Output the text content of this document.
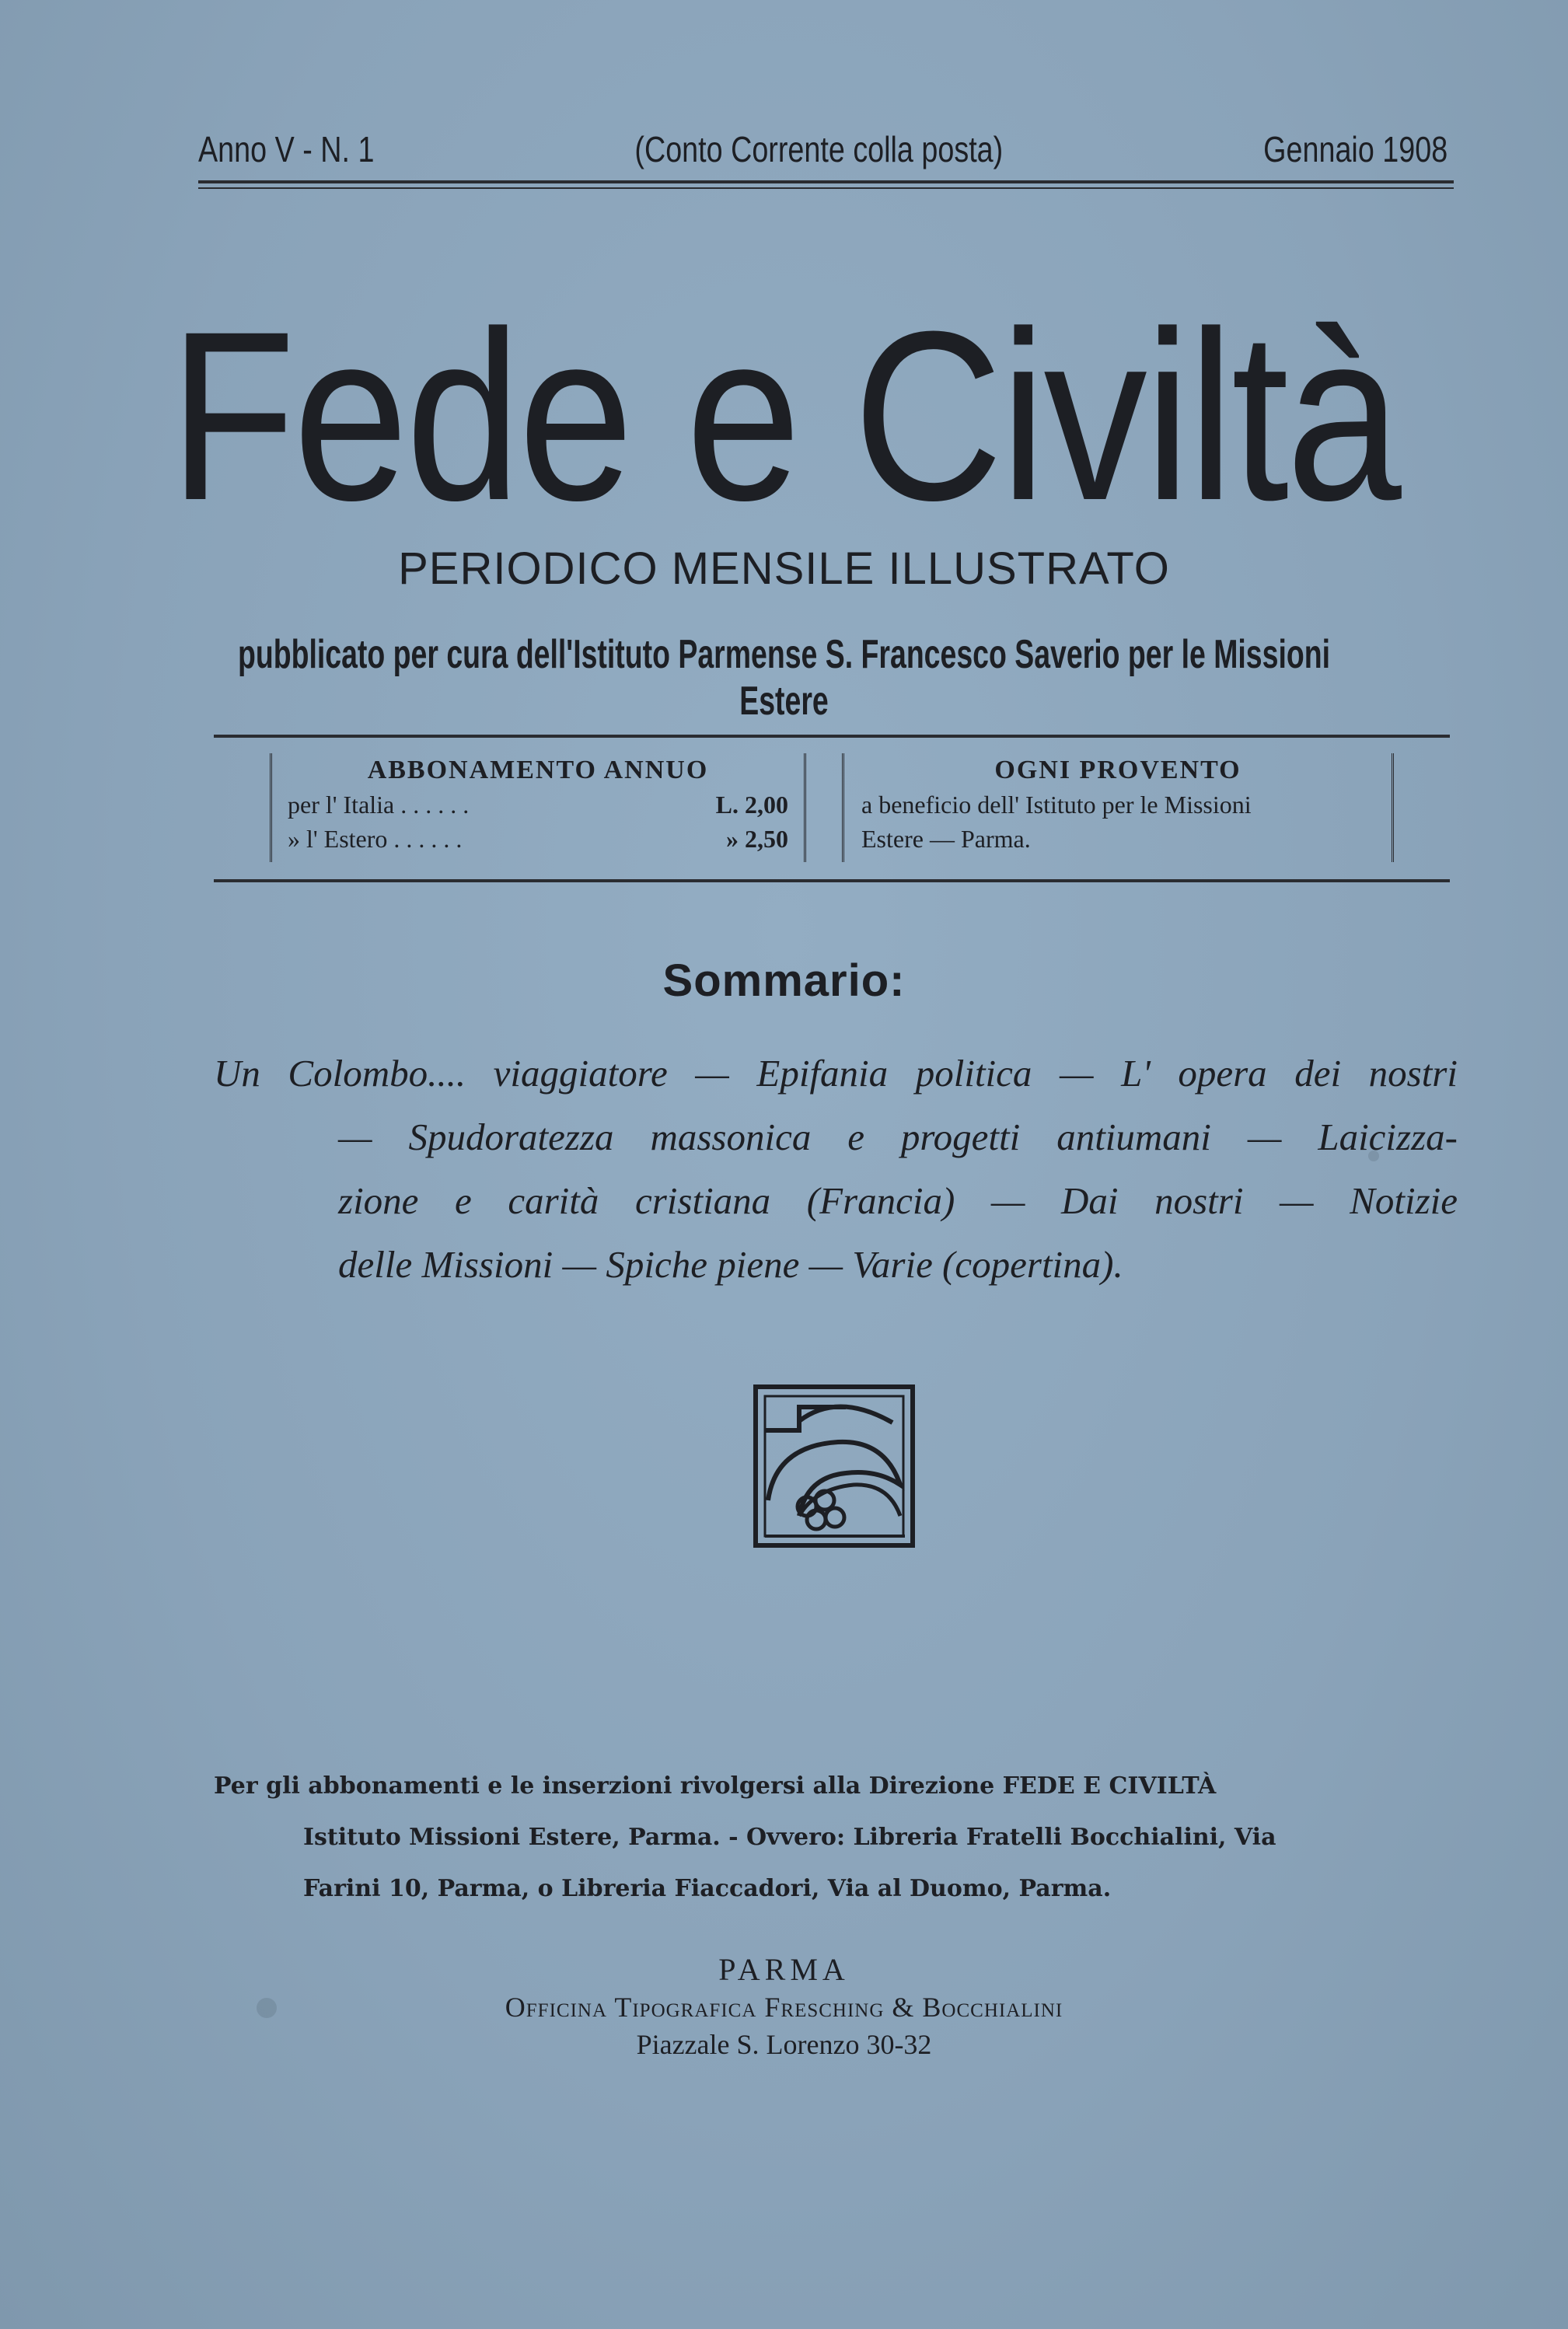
Anno V - N. 1	(Conto Corrente colla posta)	Gennaio 1908
Fede e Civiltà
PERIODICO MENSILE ILLUSTRATO
pubblicato per cura dell'Istituto Parmense S. Francesco Saverio per le Missioni Estere
ABBONAMENTO ANNUO
per l' Italia . . . . . .	L. 2,00
» l' Estero . . . . . .	» 2,50
OGNI PROVENTO
a beneficio dell' Istituto per le Missioni
Estere — Parma.
Sommario:
Un Colombo.... viaggiatore — Epifania politica — L' opera dei nostri
— Spudoratezza massonica e progetti antiumani — Laicizza-
zione e carità cristiana (Francia) — Dai nostri — Notizie
delle Missioni — Spiche piene — Varie (copertina).
Per gli abbonamenti e le inserzioni rivolgersi alla Direzione FEDE E CIVILTÀ
Istituto Missioni Estere, Parma. - Ovvero: Libreria Fratelli Bocchialini, Via
Farini 10, Parma, o Libreria Fiaccadori, Via al Duomo, Parma.
PARMA
Officina Tipografica Fresching & Bocchialini
Piazzale S. Lorenzo 30-32
